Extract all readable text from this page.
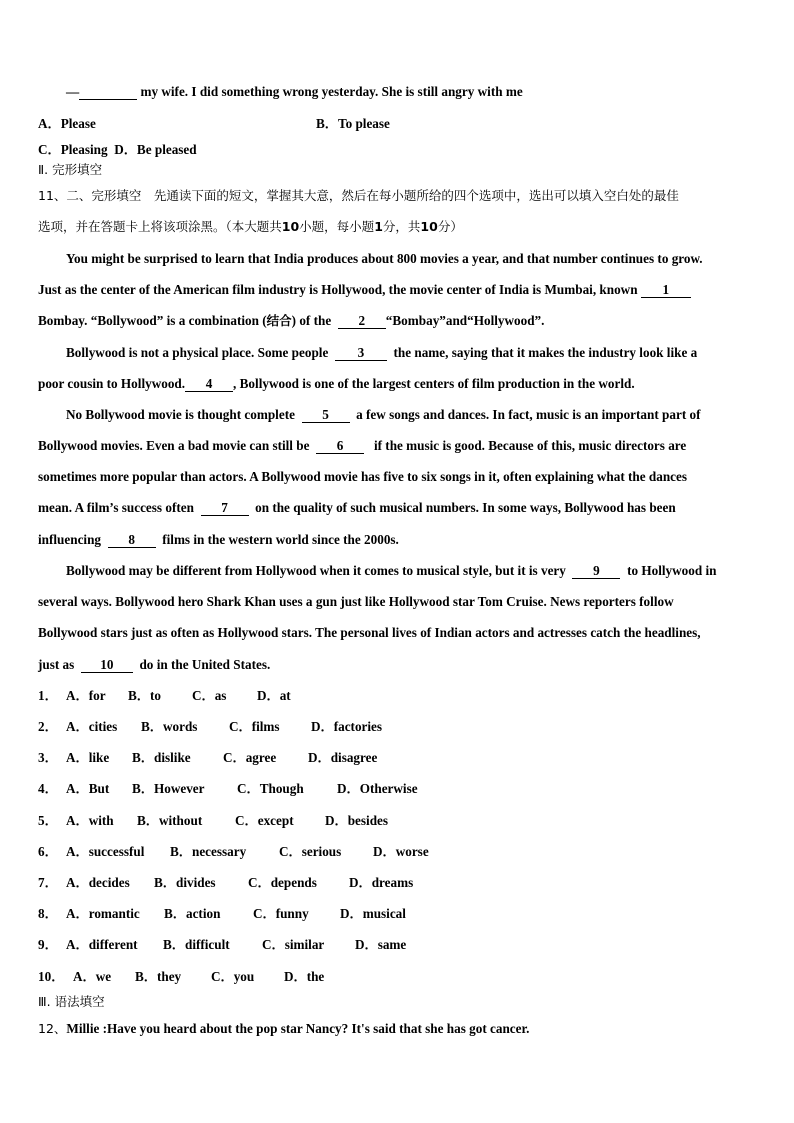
—	my wife. I did something wrong yesterday. She is still angry with me
A．Please	B．To please
C．Pleasing D．Be pleased
Ⅱ. 完形填空
11、二、完形填空　先通读下面的短文，掌握其大意，然后在每小题所给的四个选项中，选出可以填入空白处的最佳
选项，并在答题卡上将该项涂黑。（本大题共10小题，每小题1分，共10分）
You might be surprised to learn that India produces about 800 movies a year, and that number continues to grow.
Just as the center of the American film industry is Hollywood, the movie center of India is Mumbai, known 1
Bombay. “Bollywood” is a combination (结合) of the 2 “Bombay”and“Hollywood”.
Bollywood is not a physical place. Some people 3 the name, saying that it makes the industry look like a
poor cousin to Hollywood. 4 , Bollywood is one of the largest centers of film production in the world.
No Bollywood movie is thought complete 5 a few songs and dances. In fact, music is an important part of
Bollywood movies. Even a bad movie can still be 6 if the music is good. Because of this, music directors are
sometimes more popular than actors. A Bollywood movie has five to six songs in it, often explaining what the dances
mean. A film’s success often 7 on the quality of such musical numbers. In some ways, Bollywood has been
influencing 8 films in the western world since the 2000s.
Bollywood may be different from Hollywood when it comes to musical style, but it is very 9 to Hollywood in
several ways. Bollywood hero Shark Khan uses a gun just like Hollywood star Tom Cruise. News reporters follow
Bollywood stars just as often as Hollywood stars. The personal lives of Indian actors and actresses catch the headlines,
just as 10 do in the United States.
1． A．for B．to C．as D．at
2． A．cities B．words C．films D．factories
3． A．like B．dislike C．agree D．disagree
4． A．But B．However C．Though	D．Otherwise
5． A．with B．without C．except D．besides
6． A．successful B．necessary C．serious D．worse
7． A．decides B．divides C．depends D．dreams
8． A．romantic B．action C．funny D．musical
9． A．different B．difficult C．similar D．same
10． A．we B．they C．you D．the
Ⅲ. 语法填空
12、Millie :Have you heard about the pop star Nancy? It's said that she has got cancer.
